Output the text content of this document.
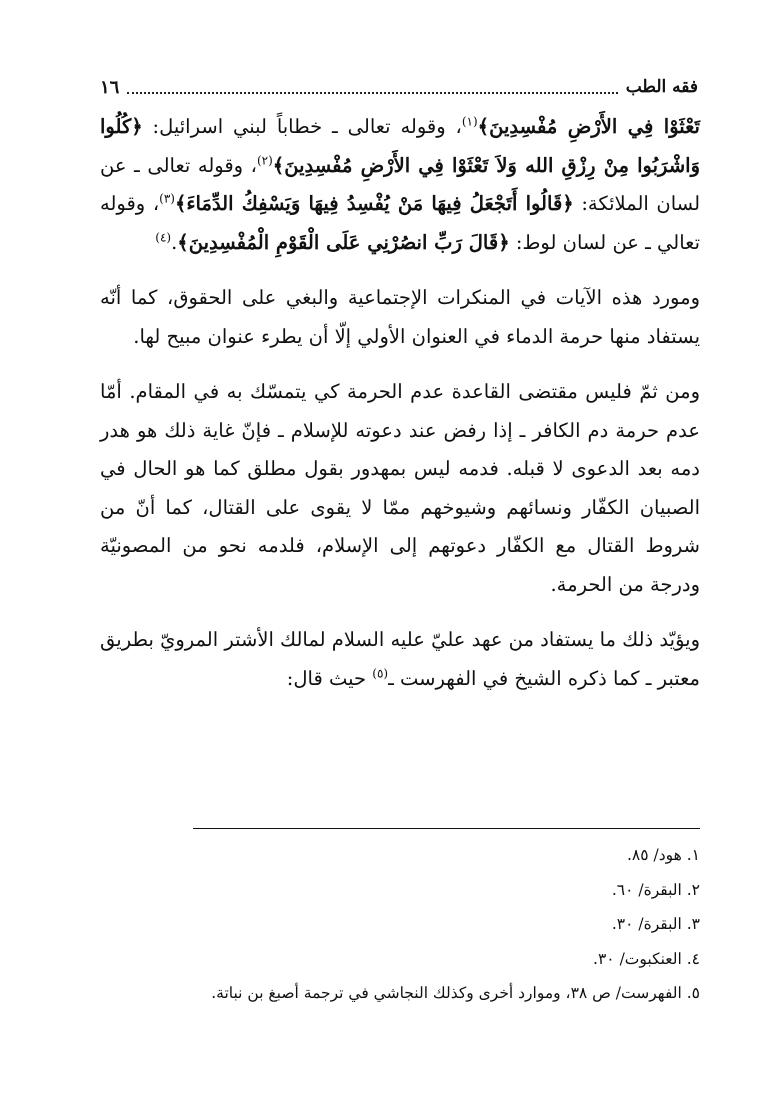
فقه الطب
١٦

تَعْثَوْا فِي الأَرْضِ مُفْسِدِينَ﴾$^{(١)}$، وقوله تعالى ـ خطاباً لبني اسرائيل: ﴿كُلُوا وَاشْرَبُوا مِنْ رِزْقِ الله وَلاَ تَعْثَوْا فِي الأَرْضِ مُفْسِدِينَ﴾$^{(٢)}$، وقوله تعالى ـ عن لسان الملائكة: ﴿قَالُوا أَتَجْعَلُ فِيهَا مَنْ يُفْسِدُ فِيهَا وَيَسْفِكُ الدِّمَاءَ﴾$^{(٣)}$، وقوله تعالي ـ عن لسان لوط: ﴿قَالَ رَبِّ انصُرْنِي عَلَى الْقَوْمِ الْمُفْسِدِينَ﴾.$^{(٤)}$

ومورد هذه الآيات في المنكرات الإجتماعية والبغي على الحقوق، كما أنّه يستفاد منها حرمة الدماء في العنوان الأولي إلّا أن يطرء عنوان مبيح لها.

ومن ثمّ فليس مقتضى القاعدة عدم الحرمة كي يتمسّك به في المقام. أمّا عدم حرمة دم الكافر ـ إذا رفض عند دعوته للإسلام ـ فإنّ غاية ذلك هو هدر دمه بعد الدعوى لا قبله. فدمه ليس بمهدور بقول مطلق كما هو الحال في الصبيان الكفّار ونسائهم وشيوخهم ممّا لا يقوى على القتال، كما أنّ من شروط القتال مع الكفّار دعوتهم إلى الإسلام، فلدمه نحو من المصونيّة ودرجة من الحرمة.

ويؤيّد ذلك ما يستفاد من عهد عليّ عليه السلام لمالك الأشتر المرويّ بطريق معتبر ـ كما ذكره الشيخ في الفهرست ـ$^{(٥)}$ حيث قال:

١. هود/ ٨٥.
٢. البقرة/ ٦٠.
٣. البقرة/ ٣٠.
٤. العنكبوت/ ٣٠.
٥. الفهرست/ ص ٣٨، وموارد أخرى وكذلك النجاشي في ترجمة أصبغ بن نباتة.
